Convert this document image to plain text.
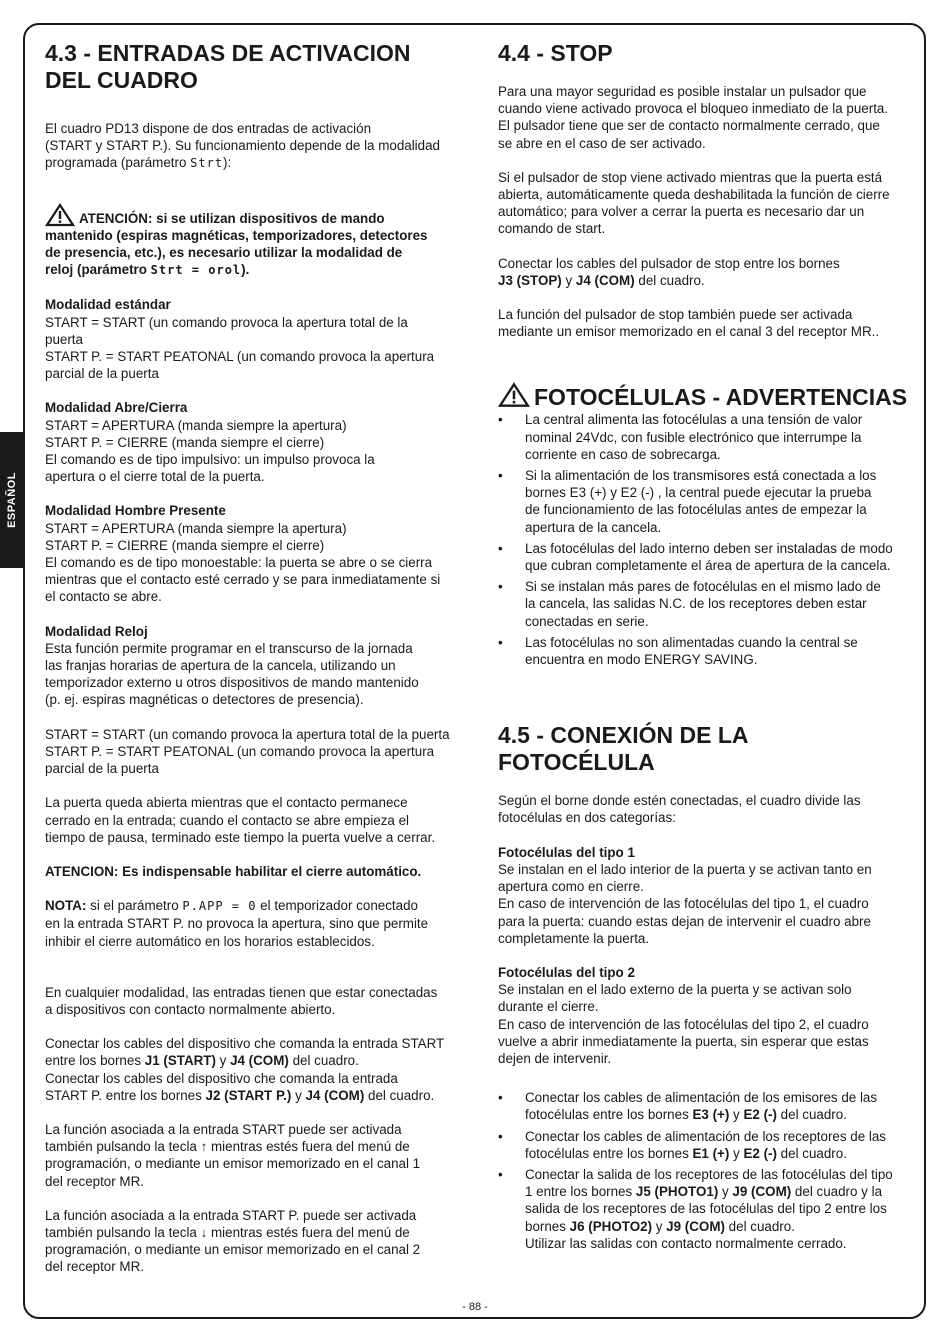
ESPAÑOL
4.3 - ENTRADAS DE ACTIVACION DEL CUADRO

El cuadro PD13 dispone de dos entradas de activación

(START y START P.). Su funcionamiento depende de la modalidad

programada (parámetro Strt):

ATENCIÓN: si se utilizan dispositivos de mando

mantenido (espiras magnéticas, temporizadores, detectores

de presencia, etc.), es necesario utilizar la modalidad de

reloj (parámetro Strt = orol).

Modalidad estándar

START = START (un comando provoca la apertura total de la

puerta

START P. = START PEATONAL (un comando provoca la apertura

parcial de la puerta

Modalidad Abre/Cierra

START = APERTURA (manda siempre la apertura)

START P. = CIERRE (manda siempre el cierre)

El comando es de tipo impulsivo: un impulso provoca la

apertura o el cierre total de la puerta.

Modalidad Hombre Presente

START = APERTURA (manda siempre la apertura)

START P. = CIERRE (manda siempre el cierre)

El comando es de tipo monoestable: la puerta se abre o se cierra

mientras que el contacto esté cerrado y se para inmediatamente si

el contacto se abre.

Modalidad Reloj

Esta función permite programar en el transcurso de la jornada

las franjas horarias de apertura de la cancela, utilizando un

temporizador externo u otros dispositivos de mando mantenido

(p. ej. espiras magnéticas o detectores de presencia).

START = START (un comando provoca la apertura total de la puerta

START P. = START PEATONAL (un comando provoca la apertura

parcial de la puerta

La puerta queda abierta mientras que el contacto permanece

cerrado en la entrada; cuando el contacto se abre empieza el

tiempo de pausa, terminado este tiempo la puerta vuelve a cerrar.

ATENCION: Es indispensable habilitar el cierre automático.

NOTA: si el parámetro P.APP = 0 el temporizador conectado

en la entrada START P. no provoca la apertura, sino que permite

inhibir el cierre automático en los horarios establecidos.

En cualquier modalidad, las entradas tienen que estar conectadas

a dispositivos con contacto normalmente abierto.

Conectar los cables del dispositivo che comanda la entrada START

entre los bornes J1 (START) y J4 (COM) del cuadro.

Conectar los cables del dispositivo che comanda la entrada

START P. entre los bornes J2 (START P.) y J4 (COM) del cuadro.

La función asociada a la entrada START puede ser activada

también pulsando la tecla ↑ mientras estés fuera del menú de

programación, o mediante un emisor memorizado en el canal 1

del receptor MR.

La función asociada a la entrada START P. puede ser activada

también pulsando la tecla ↓ mientras estés fuera del menú de

programación, o mediante un emisor memorizado en el canal 2

del receptor MR.

4.4 - STOP

Para una mayor seguridad es posible instalar un pulsador que

cuando viene activado provoca el bloqueo inmediato de la puerta.

El pulsador tiene que ser de contacto normalmente cerrado, que

se abre en el caso de ser activado.

Si el pulsador de stop viene activado mientras que la puerta está

abierta, automáticamente queda deshabilitada la función de cierre

automático; para volver a cerrar la puerta es necesario dar un

comando de start.

Conectar los cables del pulsador de stop entre los bornes

J3 (STOP) y J4 (COM) del cuadro.

La función del pulsador de stop también puede ser activada

mediante un emisor memorizado en el canal 3 del receptor MR..

FOTOCÉLULAS - ADVERTENCIAS
• La central alimenta las fotocélulas a una tensión de valor
nominal 24Vdc, con fusible electrónico que interrumpe la
corriente en caso de sobrecarga.
• Si la alimentación de los transmisores está conectada a los
bornes E3 (+) y E2 (-) , la central puede ejecutar la prueba
de funcionamiento de las fotocélulas antes de empezar la
apertura de la cancela.
• Las fotocélulas del lado interno deben ser instaladas de modo
que cubran completamente el área de apertura de la cancela.
• Si se instalan más pares de fotocélulas en el mismo lado de
la cancela, las salidas N.C. de los receptores deben estar
conectadas en serie.
• Las fotocélulas no son alimentadas cuando la central se
encuentra en modo ENERGY SAVING.
4.5 - CONEXIÓN DE LA FOTOCÉLULA

Según el borne donde estén conectadas, el cuadro divide las

fotocélulas en dos categorías:

Fotocélulas del tipo 1

Se instalan en el lado interior de la puerta y se activan tanto en

apertura como en cierre.

En caso de intervención de las fotocélulas del tipo 1, el cuadro

para la puerta: cuando estas dejan de intervenir el cuadro abre

completamente la puerta.

Fotocélulas del tipo 2

Se instalan en el lado externo de la puerta y se activan solo

durante el cierre.

En caso de intervención de las fotocélulas del tipo 2, el cuadro

vuelve a abrir inmediatamente la puerta, sin esperar que estas

dejen de intervenir.

• Conectar los cables de alimentación de los emisores de las
fotocélulas entre los bornes E3 (+) y E2 (-) del cuadro.
• Conectar los cables de alimentación de los receptores de las
fotocélulas entre los bornes E1 (+) y E2 (-) del cuadro.
• Conectar la salida de los receptores de las fotocélulas del tipo
1 entre los bornes J5 (PHOTO1) y J9 (COM) del cuadro y la
salida de los receptores de las fotocélulas del tipo 2 entre los
bornes J6 (PHOTO2) y J9 (COM) del cuadro.
Utilizar las salidas con contacto normalmente cerrado.
- 88 -
